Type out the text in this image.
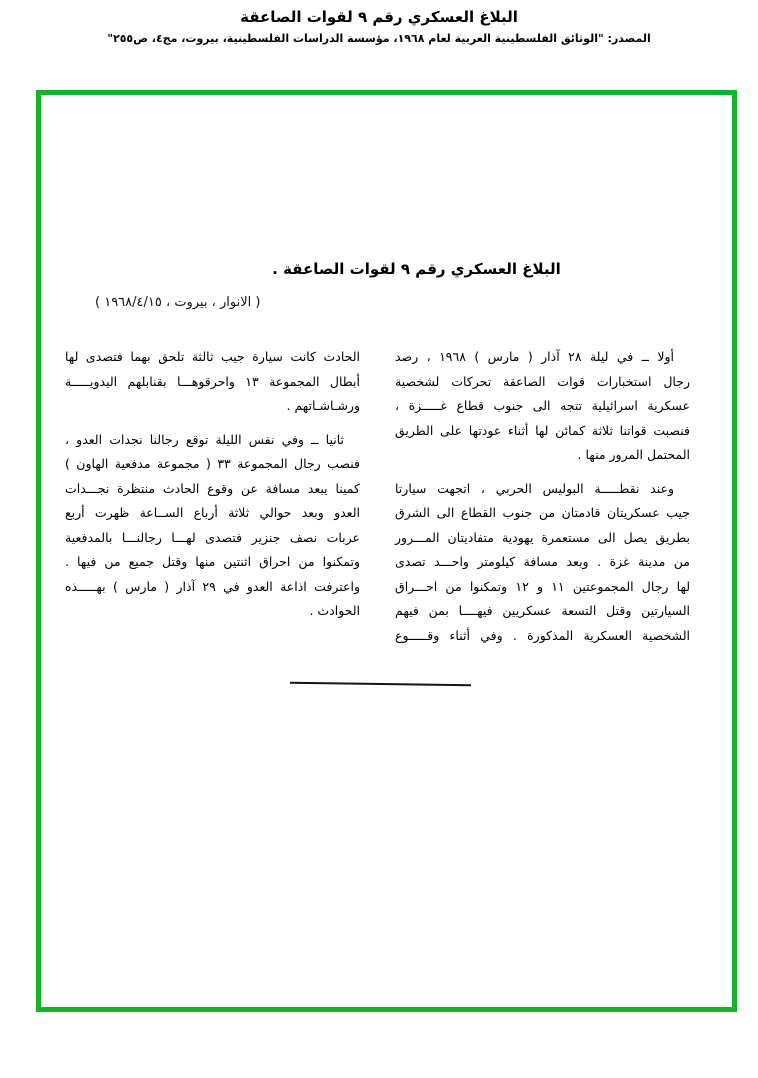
البلاغ العسكري رقم ٩ لقوات الصاعقة
المصدر: "الوثائق الفلسطينية العربية لعام ١٩٦٨، مؤسسة الدراسات الفلسطينية، بيروت، مج٤، ص٢٥٥"
البلاغ العسكري رقم ٩ لقوات الصاعقة .
( الانوار ، بيروت ، ١٩٦٨/٤/١٥ )
أولا ــ في ليلة ٢٨ آذار ( مارس ) ١٩٦٨ ، رصد
رجال استخبارات قوات الصاعقة تحركات لشخصية
عسكرية اسرائيلية تتجه الى جنوب قطاع غـــــزة ،
فنصبت قواتنا ثلاثة كمائن لها أثناء عودتها على الطريق
المحتمل المرور منها .
وعند نقطـــــة البوليس الحربي ، اتجهت سيارتا
جيب عسكريتان قادمتان من جنوب القطاع الى الشرق
بطريق يصل الى مستعمرة يهودية متفاديتان المـــرور
من مدينة غزة . وبعد مسافة كيلومتر واحـــد تصدى
لها رجال المجموعتين ١١ و ١٢ وتمكنوا من احـــراق
السيارتين وقتل التسعة عسكريين فيهــــا بمن فيهم
الشخصية العسكرية المذكورة . وفي أثناء وقـــــوع
الحادث كانت سيارة جيب ثالثة تلحق بهما فتصدى لها
أبطال المجموعة ١٣ واحرقوهـــا بقنابلهم اليدويـــــة
ورشـاشـاتهم .
ثانيا ــ وفي نفس الليلة توقع رجالنا نجدات العدو ،
فنصب رجال المجموعة ٣٣ ( مجموعة مدفعية الهاون )
كمينا يبعد مسافة عن وقوع الحادث منتظرة نجـــدات
العدو وبعد حوالي ثلاثة أرباع الســاعة ظهرت أربع
عربات نصف جنزير فتصدى لهـــا رجالنـــا بالمدفعية
وتمكنوا من احراق اثنتين منها وقتل جميع من فيها .
واعترفت اذاعة العدو في ٢٩ آذار ( مارس ) بهـــــذه
الحوادث .
